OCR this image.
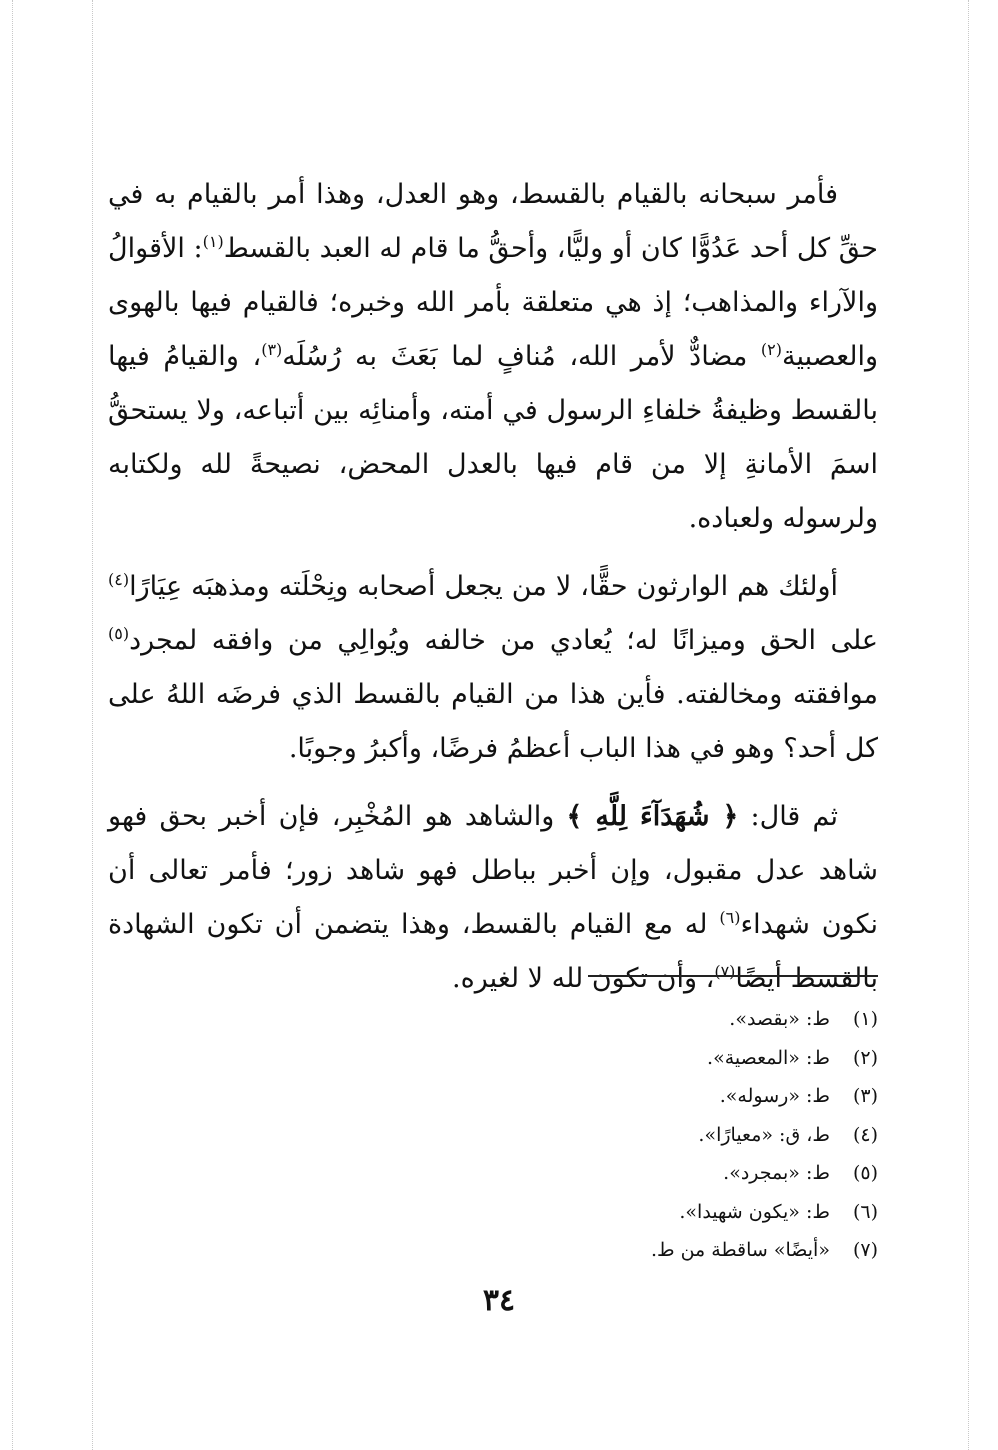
فأمر سبحانه بالقيام بالقسط، وهو العدل، وهذا أمر بالقيام به في حقِّ كل أحد عَدُوًّا كان أو وليًّا، وأحقُّ ما قام له العبد بالقسط$^{(١)}$: الأقوالُ والآراء والمذاهب؛ إذ هي متعلقة بأمر الله وخبره؛ فالقيام فيها بالهوى والعصبية$^{(٢)}$ مضادٌّ لأمر الله، مُنافٍ لما بَعَثَ به رُسُلَه$^{(٣)}$، والقيامُ فيها بالقسط وظيفةُ خلفاءِ الرسول في أمته، وأمنائِه بين أتباعه، ولا يستحقُّ اسمَ الأمانةِ إلا من قام فيها بالعدل المحض، نصيحةً لله ولكتابه ولرسوله ولعباده.

أولئك هم الوارثون حقًّا، لا من يجعل أصحابه ونِحْلَته ومذهبَه عِيَارًا$^{(٤)}$ على الحق وميزانًا له؛ يُعادي من خالفه ويُوالِي من وافقه لمجرد$^{(٥)}$ موافقته ومخالفته. فأين هذا من القيام بالقسط الذي فرضَه اللهُ على كل أحد؟ وهو في هذا الباب أعظمُ فرضًا، وأكبرُ وجوبًا.

ثم قال: ﴿ شُهَدَآءَ لِلَّهِ ﴾ والشاهد هو المُخْبِر، فإن أخبر بحق فهو شاهد عدل مقبول، وإن أخبر بباطل فهو شاهد زور؛ فأمر تعالى أن نكون شهداء$^{(٦)}$ له مع القيام بالقسط، وهذا يتضمن أن تكون الشهادة بالقسط أيضًا$^{(٧)}$، وأن تكون لله لا لغيره.

(١) ط: «بقصد».
(٢) ط: «المعصية».
(٣) ط: «رسوله».
(٤) ط، ق: «معيارًا».
(٥) ط: «بمجرد».
(٦) ط: «يكون شهيدا».
(٧) «أيضًا» ساقطة من ط.
٣٤
